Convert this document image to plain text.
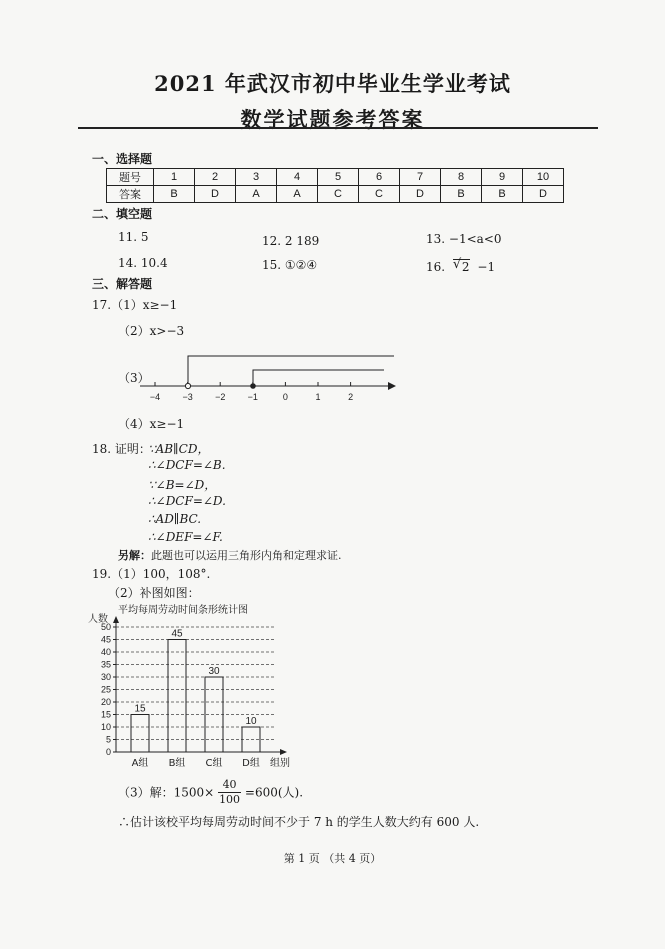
2021 年武汉市初中毕业生学业考试
数学试题参考答案
一、选择题
题号	1	2	3	4	5	6	7	8	9	10
答案	B	D	A	A	C	C	D	B	B	D
二、填空题
11. 5	12. 2 189	13. −1<a<0
14. 10.4	15. ①②④	16. √ 2 −1
三、解答题
17.（1）x≥−1
（2）x>−3
（3）
−4 −3 −2 −1	0	1	2
（4）x≥−1
18. 证明：
∵AB∥CD，
∴∠DCF=∠B.
∵∠B=∠D，
∴∠DCF=∠D.
∴AD∥BC.
∴∠DEF=∠F.
另解：此题也可以运用三角形内角和定理求证.
19.（1）100，108°.
（2）补图如图：
平均每周劳动时间条形统计图
人数
0
5
10
15
20
25
30
35
40
45
50
15
A组
45
B组
30
C组
10
D组 组别
（3）解：$1500\times \frac{40}{100} =600$(人).
∴估计该校平均每周劳动时间不少于 7 h 的学生人数大约有 600 人.
第 1 页 （共 4 页）
